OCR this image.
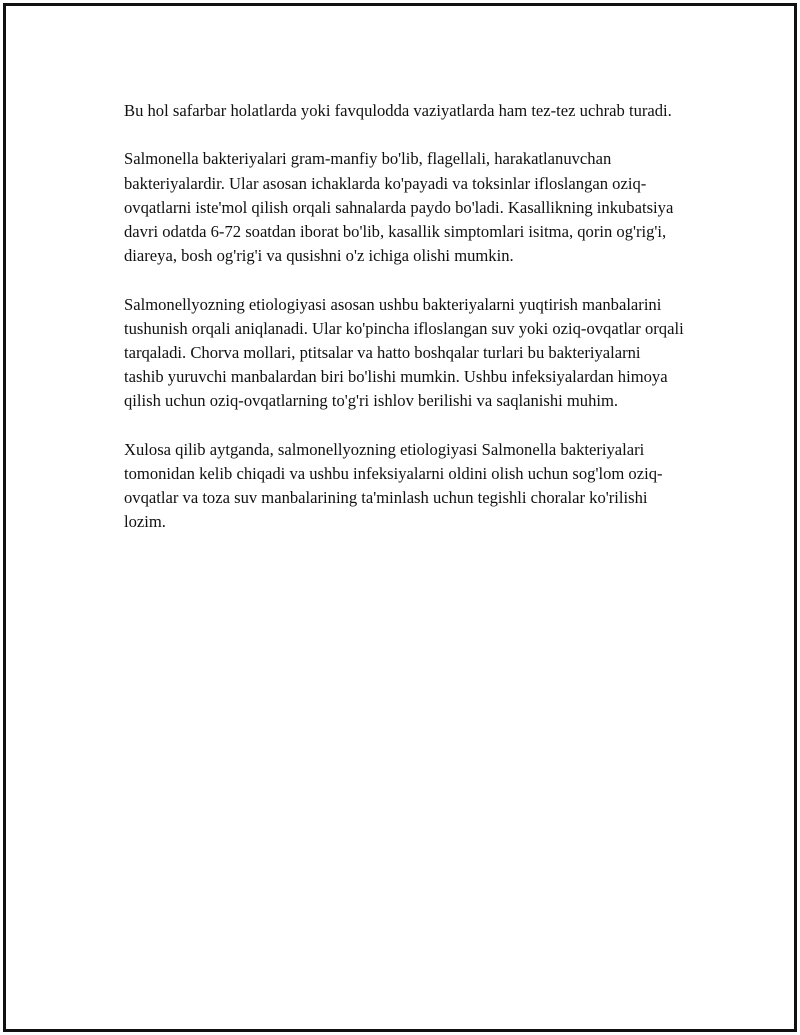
Bu hol safarbar holatlarda yoki favqulodda vaziyatlarda ham tez-tez uchrab turadi.

Salmonella bakteriyalari gram-manfiy bo'lib, flagellali, harakatlanuvchan bakteriyalardir. Ular asosan ichaklarda ko'payadi va toksinlar ifloslangan oziq-ovqatlarni iste'mol qilish orqali sahnalarda paydo bo'ladi. Kasallikning inkubatsiya davri odatda 6-72 soatdan iborat bo'lib, kasallik simptomlari isitma, qorin og'rig'i, diareya, bosh og'rig'i va qusishni o'z ichiga olishi mumkin.

Salmonellyozning etiologiyasi asosan ushbu bakteriyalarni yuqtirish manbalarini tushunish orqali aniqlanadi. Ular ko'pincha ifloslangan suv yoki oziq-ovqatlar orqali tarqaladi. Chorva mollari, ptitsalar va hatto boshqalar turlari bu bakteriyalarni tashib yuruvchi manbalardan biri bo'lishi mumkin. Ushbu infeksiyalardan himoya qilish uchun oziq-ovqatlarning to'g'ri ishlov berilishi va saqlanishi muhim.

Xulosa qilib aytganda, salmonellyozning etiologiyasi Salmonella bakteriyalari tomonidan kelib chiqadi va ushbu infeksiyalarni oldini olish uchun sog'lom oziq-ovqatlar va toza suv manbalarining ta'minlash uchun tegishli choralar ko'rilishi lozim.
